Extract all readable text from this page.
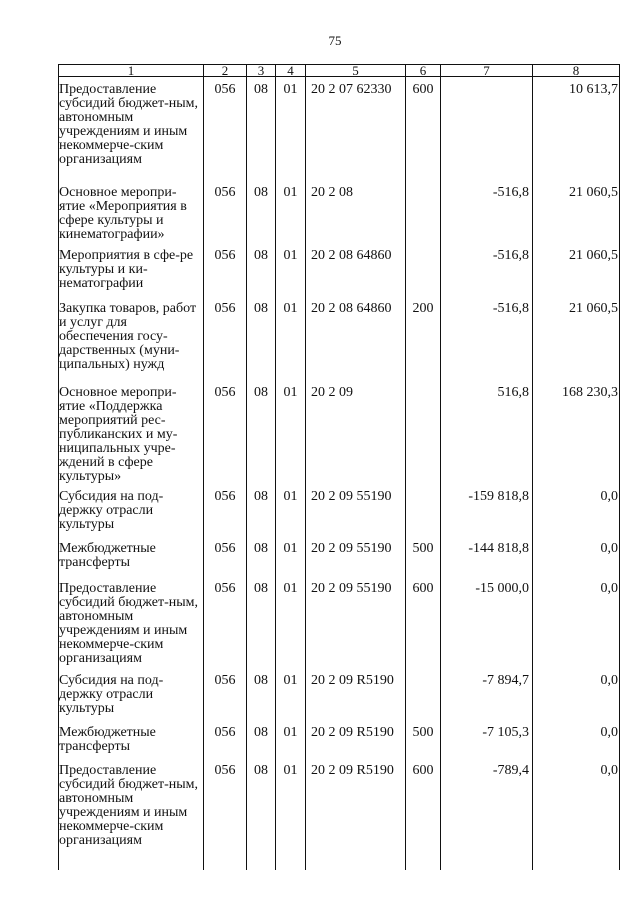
75
1	2	3	4	5	6	7	8
Предоставление субсидий бюджет-ным, автономным учреждениям и иным некоммерче-ским организациям	056	08	01	20 2 07 62330	600		10 613,7
Основное меропри-ятие «Мероприятия в сфере культуры и кинематографии»	056	08	01	20 2 08		-516,8	21 060,5
Мероприятия в сфе-ре культуры и ки-нематографии	056	08	01	20 2 08 64860		-516,8	21 060,5
Закупка товаров, работ и услуг для обеспечения госу-дарственных (муни-ципальных) нужд	056	08	01	20 2 08 64860	200	-516,8	21 060,5
Основное меропри-ятие «Поддержка мероприятий рес-публиканских и му-ниципальных учре-ждений в сфере культуры»	056	08	01	20 2 09		516,8	168 230,3
Субсидия на под-держку отрасли культуры	056	08	01	20 2 09 55190		-159 818,8	0,0
Межбюджетные трансферты	056	08	01	20 2 09 55190	500	-144 818,8	0,0
Предоставление субсидий бюджет-ным, автономным учреждениям и иным некоммерче-ским организациям	056	08	01	20 2 09 55190	600	-15 000,0	0,0
Субсидия на под-держку отрасли культуры	056	08	01	20 2 09 R5190		-7 894,7	0,0
Межбюджетные трансферты	056	08	01	20 2 09 R5190	500	-7 105,3	0,0
Предоставление субсидий бюджет-ным, автономным учреждениям и иным некоммерче-ским организациям	056	08	01	20 2 09 R5190	600	-789,4	0,0
